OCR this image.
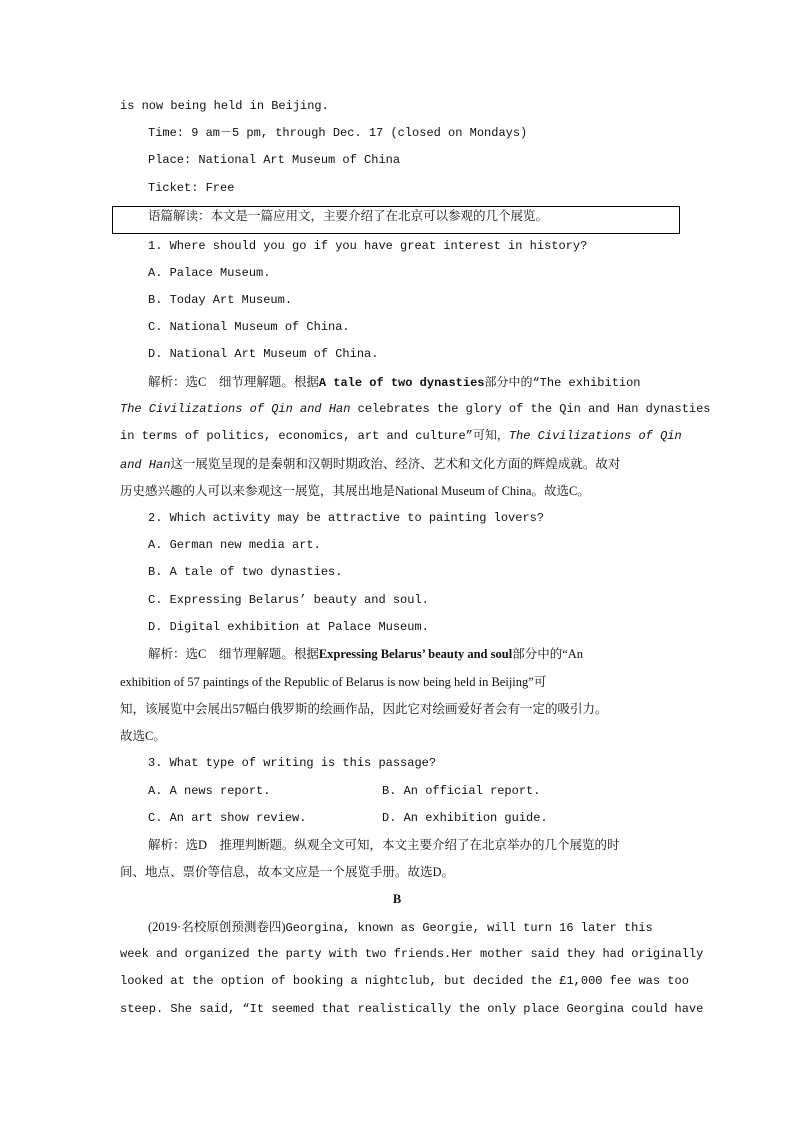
is now being held in Beijing.
Time: 9 am－5 pm, through Dec. 17 (closed on Mondays)
Place: National Art Museum of China
Ticket: Free
语篇解读：本文是一篇应用文，主要介绍了在北京可以参观的几个展览。
1. Where should you go if you have great interest in history?
A. Palace Museum.
B. Today Art Museum.
C. National Museum of China.
D. National Art Museum of China.
解析：选C　细节理解题。根据A tale of two dynasties部分中的“The exhibition
The Civilizations of Qin and Han celebrates the glory of the Qin and Han dynasties
in terms of politics, economics, art and culture”可知，The Civilizations of Qin
and Han这一展览呈现的是秦朝和汉朝时期政治、经济、艺术和文化方面的辉煌成就。故对
历史感兴趣的人可以来参观这一展览，其展出地是National Museum of China。故选C。
2. Which activity may be attractive to painting lovers?
A. German new media art.
B. A tale of two dynasties.
C. Expressing Belarus’ beauty and soul.
D. Digital exhibition at Palace Museum.
解析：选C　细节理解题。根据Expressing Belarus’ beauty and soul部分中的“An
exhibition of 57 paintings of the Republic of Belarus is now being held in Beijing”可
知，该展览中会展出57幅白俄罗斯的绘画作品，因此它对绘画爱好者会有一定的吸引力。
故选C。
3. What type of writing is this passage?
A. A news report.	B. An official report.
C. An art show review.	D. An exhibition guide.
解析：选D　推理判断题。纵观全文可知，本文主要介绍了在北京举办的几个展览的时
间、地点、票价等信息，故本文应是一个展览手册。故选D。
B
(2019·名校原创预测卷四)Georgina, known as Georgie, will turn 16 later this
week and organized the party with two friends.Her mother said they had originally
looked at the option of booking a nightclub, but decided the £1,000 fee was too
steep. She said, “It seemed that realistically the only place Georgina could have
